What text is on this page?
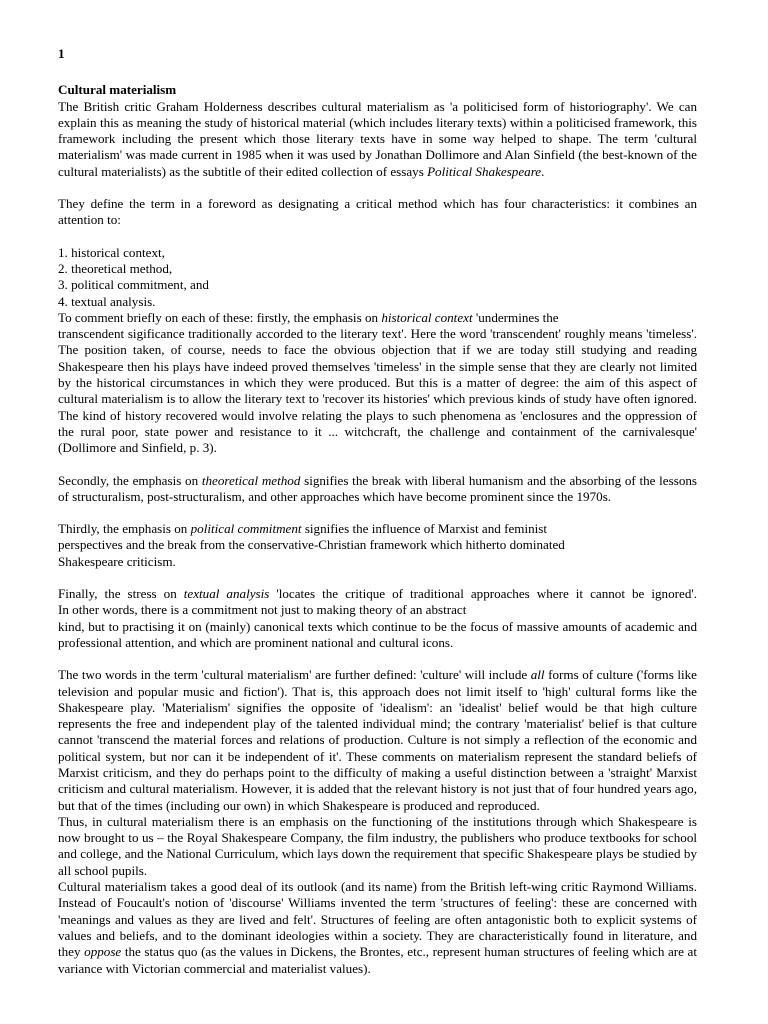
1
Cultural materialism

The British critic Graham Holderness describes cultural materialism as 'a politicised form of historiography'. We can explain this as meaning the study of historical material (which includes literary texts) within a politicised framework, this framework including the present which those literary texts have in some way helped to shape. The term 'cultural materialism' was made current in 1985 when it was used by Jonathan Dollimore and Alan Sinfield (the best-known of the cultural materialists) as the subtitle of their edited collection of essays Political Shakespeare.

They define the term in a foreword as designating a critical method which has four characteristics: it combines an attention to:

1. historical context,
2. theoretical method,
3. political commitment, and
4. textual analysis.
To comment briefly on each of these: firstly, the emphasis on historical context 'undermines the

transcendent sigificance traditionally accorded to the literary text'. Here the word 'transcendent' roughly means 'timeless'. The position taken, of course, needs to face the obvious objection that if we are today still studying and reading Shakespeare then his plays have indeed proved themselves 'timeless' in the simple sense that they are clearly not limited by the historical circumstances in which they were produced. But this is a matter of degree: the aim of this aspect of cultural materialism is to allow the literary text to 'recover its histories' which previous kinds of study have often ignored. The kind of history recovered would involve relating the plays to such phenomena as 'enclosures and the oppression of the rural poor, state power and resistance to it ... witchcraft, the challenge and containment of the carnivalesque' (Dollimore and Sinfield, p. 3).

Secondly, the emphasis on theoretical method signifies the break with liberal humanism and the absorbing of the lessons of structuralism, post-structuralism, and other approaches which have become prominent since the 1970s.

Thirdly, the emphasis on political commitment signifies the influence of Marxist and feminist
perspectives and the break from the conservative-Christian framework which hitherto dominated
Shakespeare criticism.

Finally, the stress on textual analysis 'locates the critique of traditional approaches where it cannot be ignored'.

In other words, there is a commitment not just to making theory of an abstract

kind, but to practising it on (mainly) canonical texts which continue to be the focus of massive amounts of academic and professional attention, and which are prominent national and cultural icons.

The two words in the term 'cultural materialism' are further defined: 'culture' will include all forms of culture ('forms like television and popular music and fiction'). That is, this approach does not limit itself to 'high' cultural forms like the Shakespeare play. 'Materialism' signifies the opposite of 'idealism': an 'idealist' belief would be that high culture represents the free and independent play of the talented individual mind; the contrary 'materialist' belief is that culture cannot 'transcend the material forces and relations of production. Culture is not simply a reflection of the economic and political system, but nor can it be independent of it'. These comments on materialism represent the standard beliefs of Marxist criticism, and they do perhaps point to the difficulty of making a useful distinction between a 'straight' Marxist criticism and cultural materialism. However, it is added that the relevant history is not just that of four hundred years ago, but that of the times (including our own) in which Shakespeare is produced and reproduced.

Thus, in cultural materialism there is an emphasis on the functioning of the institutions through which Shakespeare is now brought to us – the Royal Shakespeare Company, the film industry, the publishers who produce textbooks for school and college, and the National Curriculum, which lays down the requirement that specific Shakespeare plays be studied by all school pupils.

Cultural materialism takes a good deal of its outlook (and its name) from the British left-wing critic Raymond Williams. Instead of Foucault's notion of 'discourse' Williams invented the term 'structures of feeling': these are concerned with 'meanings and values as they are lived and felt'. Structures of feeling are often antagonistic both to explicit systems of values and beliefs, and to the dominant ideologies within a society. They are characteristically found in literature, and they oppose the status quo (as the values in Dickens, the Brontes, etc., represent human structures of feeling which are at variance with Victorian commercial and materialist values).
